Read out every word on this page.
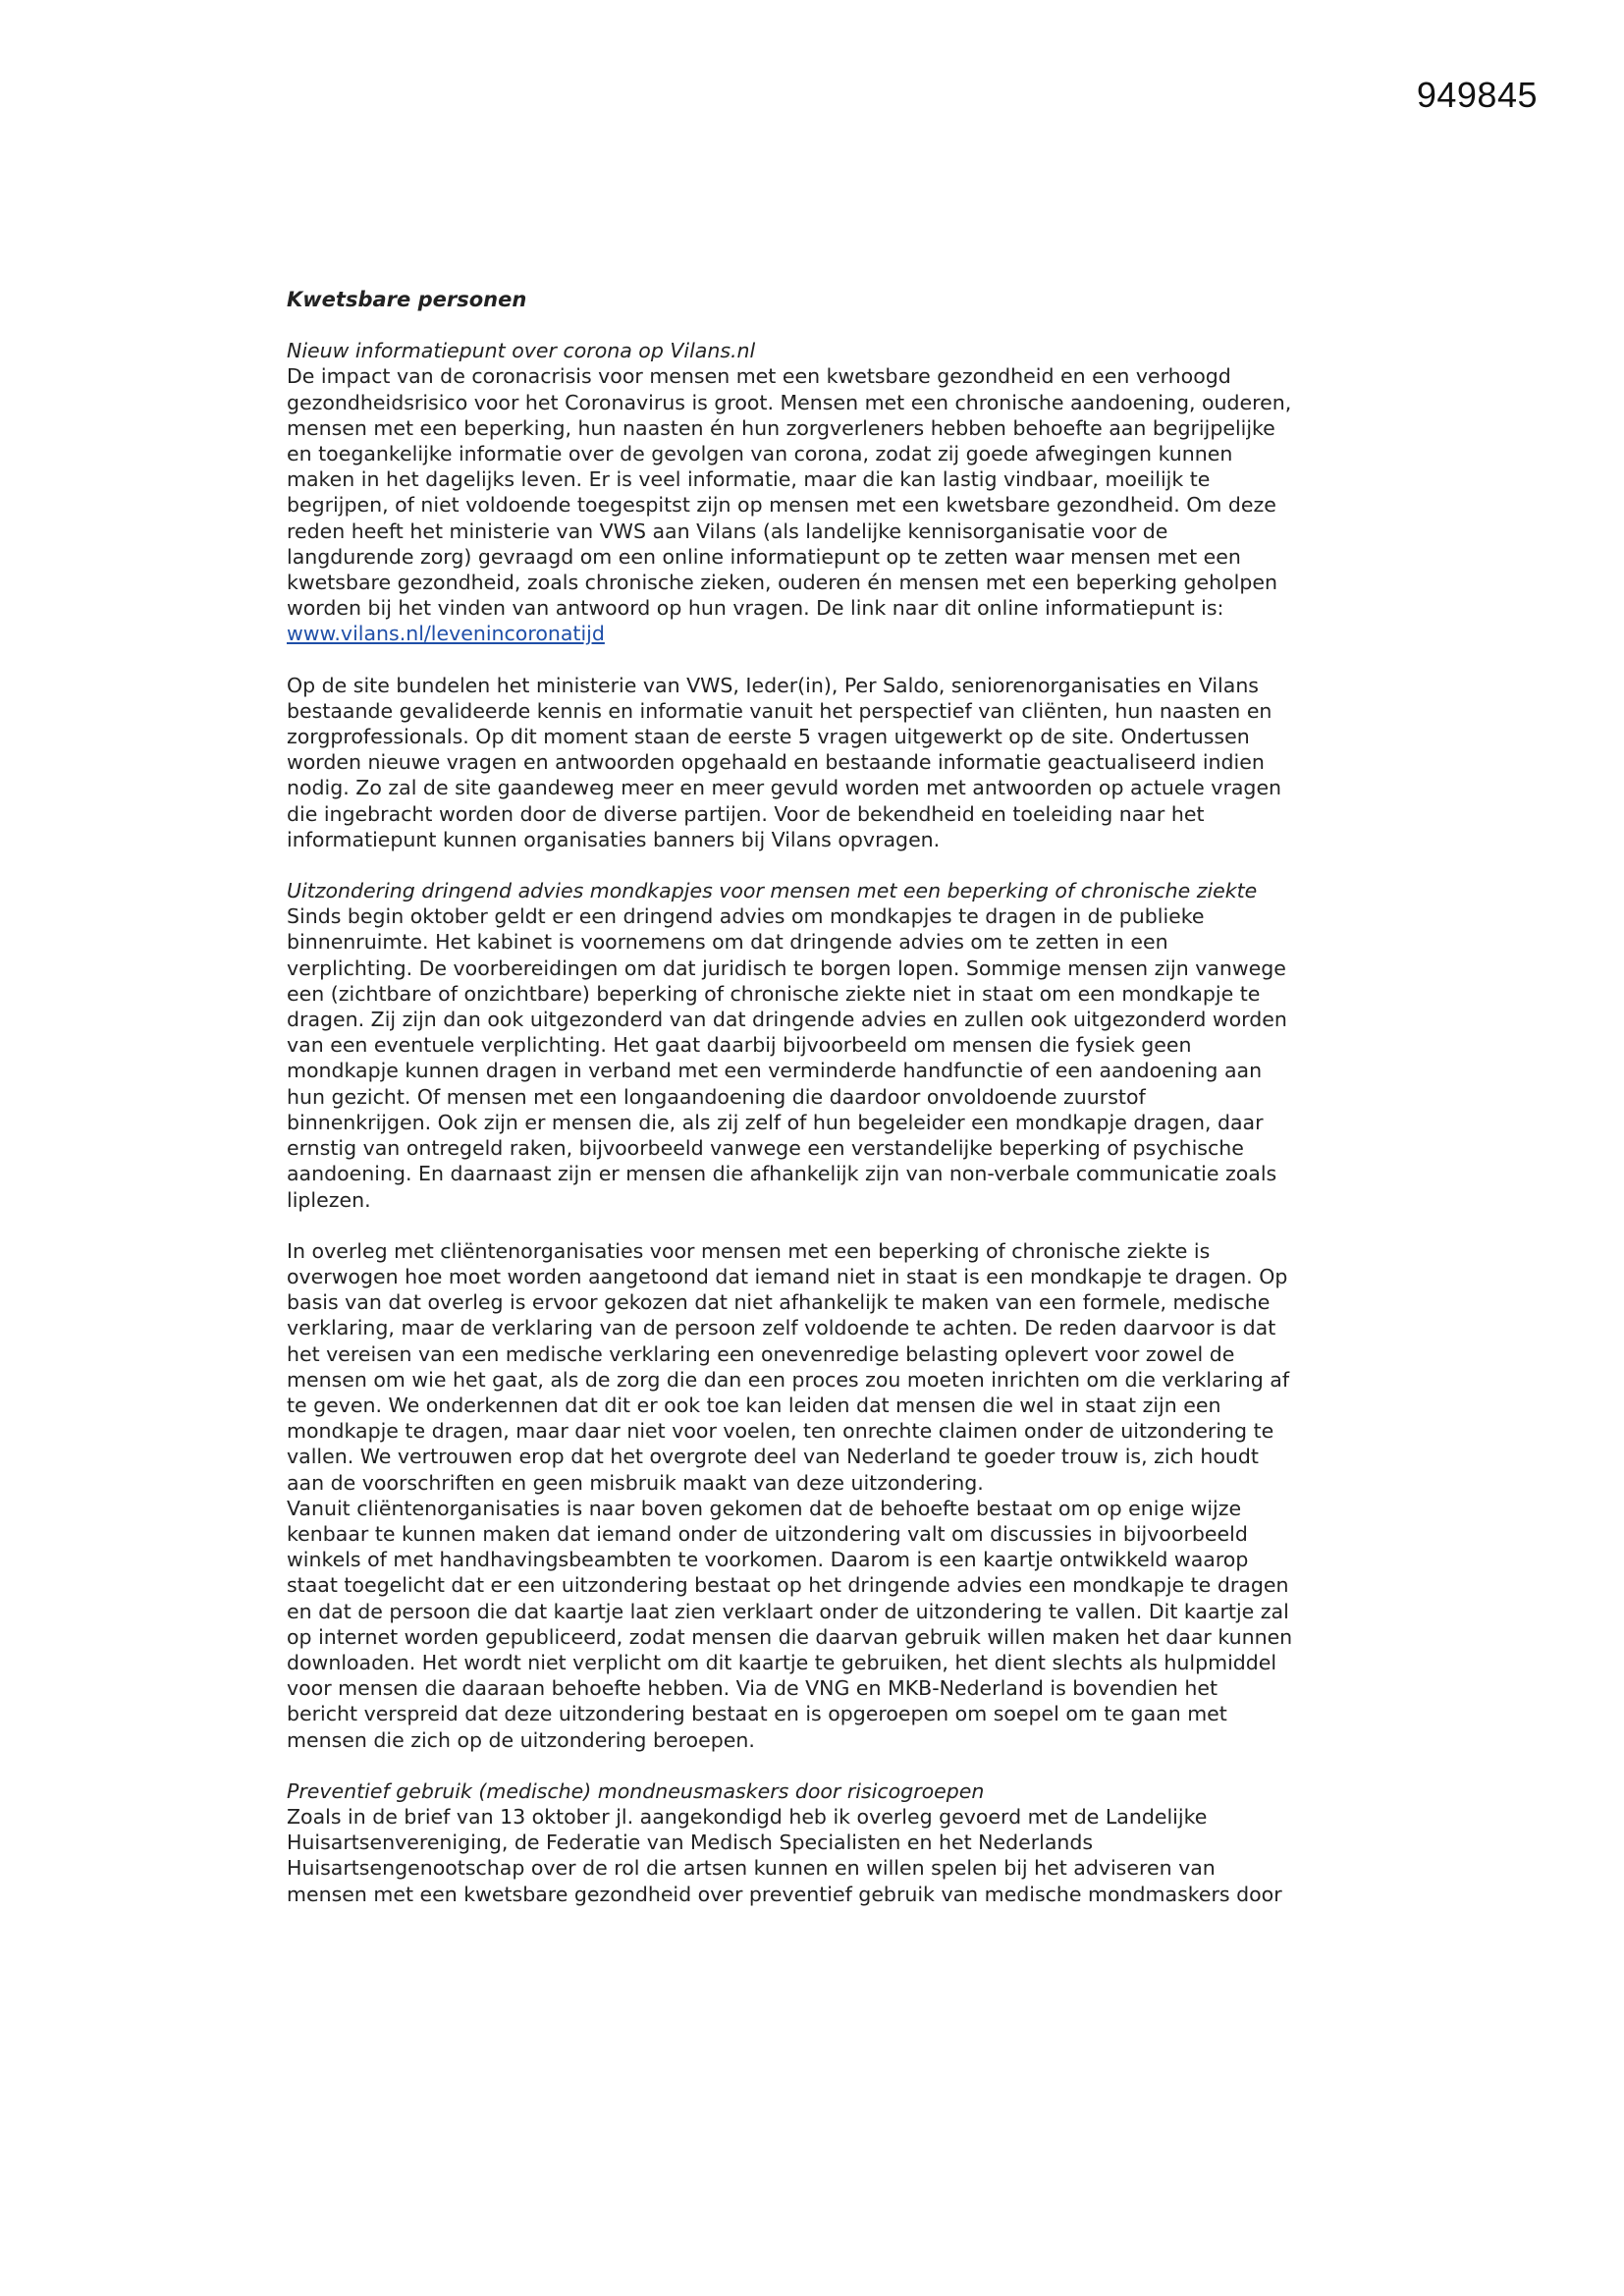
949845

Kwetsbare personen

Nieuw informatiepunt over corona op Vilans.nl

De impact van de coronacrisis voor mensen met een kwetsbare gezondheid en een verhoogd
gezondheidsrisico voor het Coronavirus is groot. Mensen met een chronische aandoening, ouderen,
mensen met een beperking, hun naasten én hun zorgverleners hebben behoefte aan begrijpelijke
en toegankelijke informatie over de gevolgen van corona, zodat zij goede afwegingen kunnen
maken in het dagelijks leven. Er is veel informatie, maar die kan lastig vindbaar, moeilijk te
begrijpen, of niet voldoende toegespitst zijn op mensen met een kwetsbare gezondheid. Om deze
reden heeft het ministerie van VWS aan Vilans (als landelijke kennisorganisatie voor de
langdurende zorg) gevraagd om een online informatiepunt op te zetten waar mensen met een
kwetsbare gezondheid, zoals chronische zieken, ouderen én mensen met een beperking geholpen
worden bij het vinden van antwoord op hun vragen. De link naar dit online informatiepunt is:

www.vilans.nl/levenincoronatijd

Op de site bundelen het ministerie van VWS, Ieder(in), Per Saldo, seniorenorganisaties en Vilans
bestaande gevalideerde kennis en informatie vanuit het perspectief van cliënten, hun naasten en
zorgprofessionals. Op dit moment staan de eerste 5 vragen uitgewerkt op de site. Ondertussen
worden nieuwe vragen en antwoorden opgehaald en bestaande informatie geactualiseerd indien
nodig. Zo zal de site gaandeweg meer en meer gevuld worden met antwoorden op actuele vragen
die ingebracht worden door de diverse partijen. Voor de bekendheid en toeleiding naar het
informatiepunt kunnen organisaties banners bij Vilans opvragen.

Uitzondering dringend advies mondkapjes voor mensen met een beperking of chronische ziekte

Sinds begin oktober geldt er een dringend advies om mondkapjes te dragen in de publieke
binnenruimte. Het kabinet is voornemens om dat dringende advies om te zetten in een
verplichting. De voorbereidingen om dat juridisch te borgen lopen. Sommige mensen zijn vanwege
een (zichtbare of onzichtbare) beperking of chronische ziekte niet in staat om een mondkapje te
dragen. Zij zijn dan ook uitgezonderd van dat dringende advies en zullen ook uitgezonderd worden
van een eventuele verplichting. Het gaat daarbij bijvoorbeeld om mensen die fysiek geen
mondkapje kunnen dragen in verband met een verminderde handfunctie of een aandoening aan
hun gezicht. Of mensen met een longaandoening die daardoor onvoldoende zuurstof
binnenkrijgen. Ook zijn er mensen die, als zij zelf of hun begeleider een mondkapje dragen, daar
ernstig van ontregeld raken, bijvoorbeeld vanwege een verstandelijke beperking of psychische
aandoening. En daarnaast zijn er mensen die afhankelijk zijn van non-verbale communicatie zoals
liplezen.

In overleg met cliëntenorganisaties voor mensen met een beperking of chronische ziekte is
overwogen hoe moet worden aangetoond dat iemand niet in staat is een mondkapje te dragen. Op
basis van dat overleg is ervoor gekozen dat niet afhankelijk te maken van een formele, medische
verklaring, maar de verklaring van de persoon zelf voldoende te achten. De reden daarvoor is dat
het vereisen van een medische verklaring een onevenredige belasting oplevert voor zowel de
mensen om wie het gaat, als de zorg die dan een proces zou moeten inrichten om die verklaring af
te geven. We onderkennen dat dit er ook toe kan leiden dat mensen die wel in staat zijn een
mondkapje te dragen, maar daar niet voor voelen, ten onrechte claimen onder de uitzondering te
vallen. We vertrouwen erop dat het overgrote deel van Nederland te goeder trouw is, zich houdt
aan de voorschriften en geen misbruik maakt van deze uitzondering.
Vanuit cliëntenorganisaties is naar boven gekomen dat de behoefte bestaat om op enige wijze
kenbaar te kunnen maken dat iemand onder de uitzondering valt om discussies in bijvoorbeeld
winkels of met handhavingsbeambten te voorkomen. Daarom is een kaartje ontwikkeld waarop
staat toegelicht dat er een uitzondering bestaat op het dringende advies een mondkapje te dragen
en dat de persoon die dat kaartje laat zien verklaart onder de uitzondering te vallen. Dit kaartje zal
op internet worden gepubliceerd, zodat mensen die daarvan gebruik willen maken het daar kunnen
downloaden. Het wordt niet verplicht om dit kaartje te gebruiken, het dient slechts als hulpmiddel
voor mensen die daaraan behoefte hebben. Via de VNG en MKB-Nederland is bovendien het
bericht verspreid dat deze uitzondering bestaat en is opgeroepen om soepel om te gaan met
mensen die zich op de uitzondering beroepen.

Preventief gebruik (medische) mondneusmaskers door risicogroepen

Zoals in de brief van 13 oktober jl. aangekondigd heb ik overleg gevoerd met de Landelijke
Huisartsenvereniging, de Federatie van Medisch Specialisten en het Nederlands
Huisartsengenootschap over de rol die artsen kunnen en willen spelen bij het adviseren van
mensen met een kwetsbare gezondheid over preventief gebruik van medische mondmaskers door
